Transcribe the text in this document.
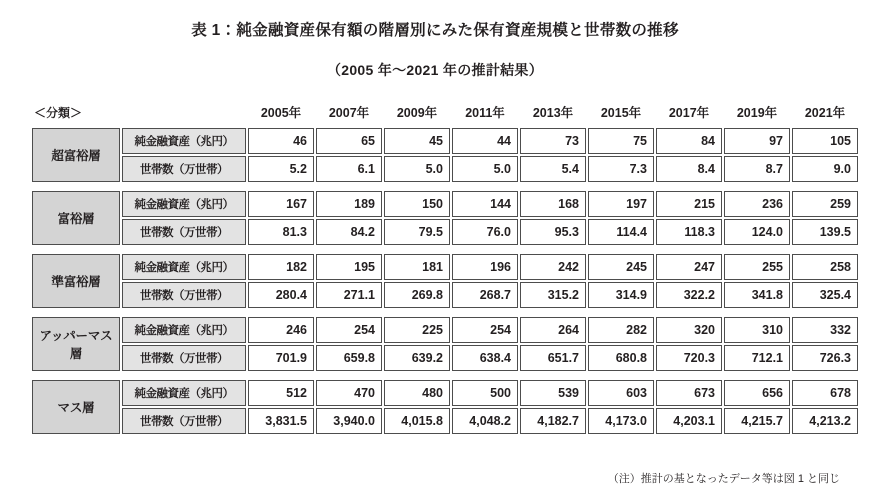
表 1：純金融資産保有額の階層別にみた保有資産規模と世帯数の推移
（2005 年～2021 年の推計結果）
＜分類＞		2005年	2007年	2009年	2011年	2013年	2015年	2017年	2019年	2021年
超富裕層	純金融資産（兆円）	46	65	45	44	73	75	84	97	105
	世帯数（万世帯）	5.2	6.1	5.0	5.0	5.4	7.3	8.4	8.7	9.0

富裕層	純金融資産（兆円）	167	189	150	144	168	197	215	236	259
	世帯数（万世帯）	81.3	84.2	79.5	76.0	95.3	114.4	118.3	124.0	139.5

準富裕層	純金融資産（兆円）	182	195	181	196	242	245	247	255	258
	世帯数（万世帯）	280.4	271.1	269.8	268.7	315.2	314.9	322.2	341.8	325.4

アッパーマス層	純金融資産（兆円）	246	254	225	254	264	282	320	310	332
	世帯数（万世帯）	701.9	659.8	639.2	638.4	651.7	680.8	720.3	712.1	726.3

マス層	純金融資産（兆円）	512	470	480	500	539	603	673	656	678
	世帯数（万世帯）	3,831.5	3,940.0	4,015.8	4,048.2	4,182.7	4,173.0	4,203.1	4,215.7	4,213.2
（注）推計の基となったデータ等は図 1 と同じ
